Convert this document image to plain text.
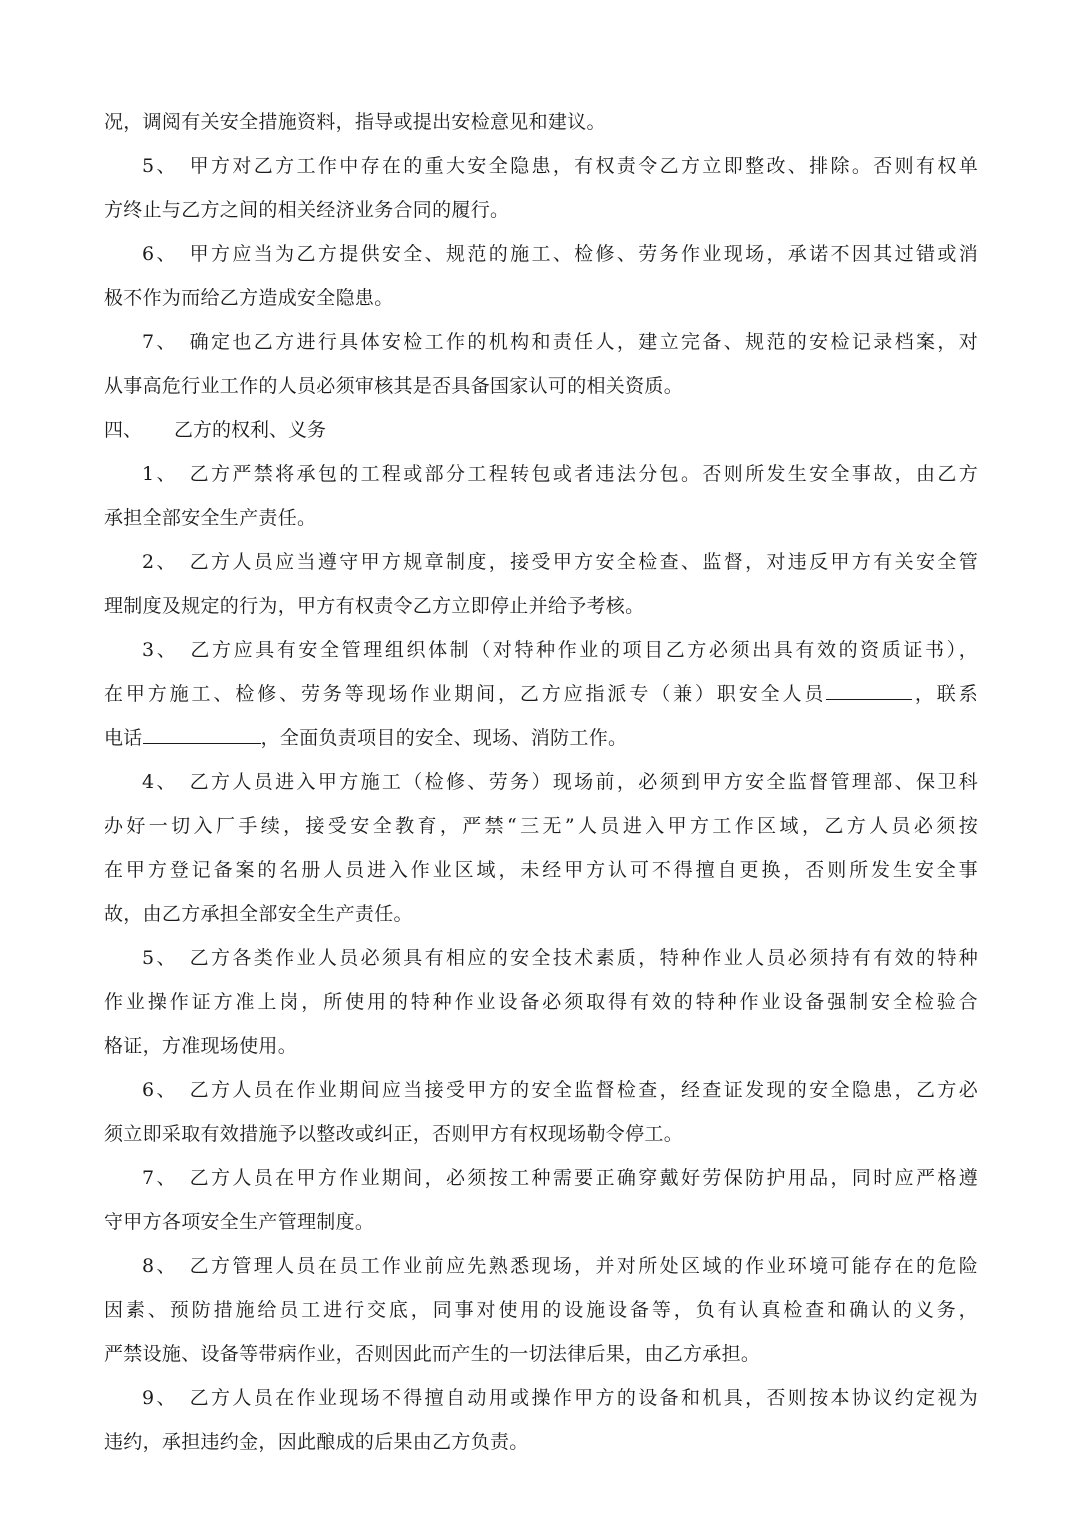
况，调阅有关安全措施资料，指导或提出安检意见和建议。
5、　甲方对乙方工作中存在的重大安全隐患，有权责令乙方立即整改、排除。否则有权单
方终止与乙方之间的相关经济业务合同的履行。
6、　甲方应当为乙方提供安全、规范的施工、检修、劳务作业现场，承诺不因其过错或消
极不作为而给乙方造成安全隐患。
7、　确定也乙方进行具体安检工作的机构和责任人，建立完备、规范的安检记录档案，对
从事高危行业工作的人员必须审核其是否具备国家认可的相关资质。
四、 乙方的权利、义务
1、　乙方严禁将承包的工程或部分工程转包或者违法分包。否则所发生安全事故，由乙方
承担全部安全生产责任。
2、　乙方人员应当遵守甲方规章制度，接受甲方安全检查、监督，对违反甲方有关安全管
理制度及规定的行为，甲方有权责令乙方立即停止并给予考核。
3、　乙方应具有安全管理组织体制（对特种作业的项目乙方必须出具有效的资质证书），
在甲方施工、检修、劳务等现场作业期间，乙方应指派专（兼）职安全人员	，联系
电话	，全面负责项目的安全、现场、消防工作。
4、　乙方人员进入甲方施工（检修、劳务）现场前，必须到甲方安全监督管理部、保卫科
办好一切入厂手续，接受安全教育，严禁“三无”人员进入甲方工作区域，乙方人员必须按
在甲方登记备案的名册人员进入作业区域，未经甲方认可不得擅自更换，否则所发生安全事
故，由乙方承担全部安全生产责任。
5、　乙方各类作业人员必须具有相应的安全技术素质，特种作业人员必须持有有效的特种
作业操作证方准上岗，所使用的特种作业设备必须取得有效的特种作业设备强制安全检验合
格证，方准现场使用。
6、　乙方人员在作业期间应当接受甲方的安全监督检查，经查证发现的安全隐患，乙方必
须立即采取有效措施予以整改或纠正，否则甲方有权现场勒令停工。
7、　乙方人员在甲方作业期间，必须按工种需要正确穿戴好劳保防护用品，同时应严格遵
守甲方各项安全生产管理制度。
8、　乙方管理人员在员工作业前应先熟悉现场，并对所处区域的作业环境可能存在的危险
因素、预防措施给员工进行交底，同事对使用的设施设备等，负有认真检查和确认的义务，
严禁设施、设备等带病作业，否则因此而产生的一切法律后果，由乙方承担。
9、　乙方人员在作业现场不得擅自动用或操作甲方的设备和机具，否则按本协议约定视为
违约，承担违约金，因此酿成的后果由乙方负责。
